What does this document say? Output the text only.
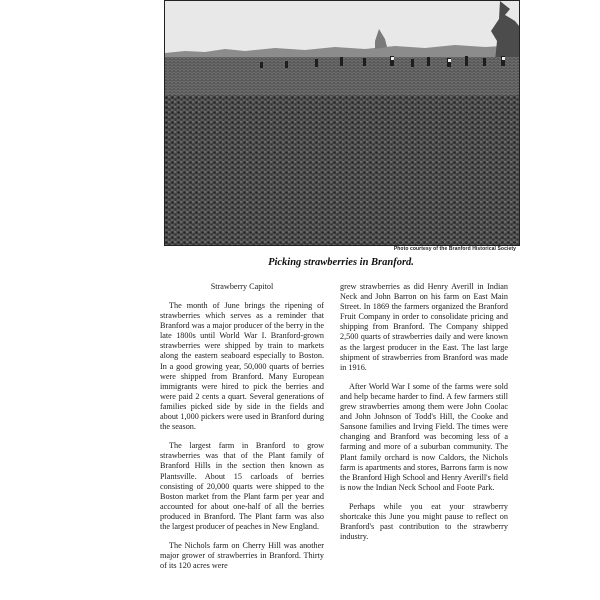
Photo courtesy of the Branford Historical Society
Picking strawberries in Branford.

Strawberry Capitol

The month of June brings the ripening of strawberries which serves as a reminder that Branford was a major producer of the berry in the late 1800s until World War I. Branford-grown strawberries were shipped by train to markets along the eastern seaboard especially to Boston. In a good growing year, 50,000 quarts of berries were shipped from Branford. Many European immigrants were hired to pick the berries and were paid 2 cents a quart. Several generations of families picked side by side in the fields and about 1,000 pickers were used in Branford during the season.

The largest farm in Branford to grow strawberries was that of the Plant family of Branford Hills in the section then known as Plantsville. About 15 carloads of berries consisting of 20,000 quarts were shipped to the Boston market from the Plant farm per year and accounted for about one-half of all the berries produced in Branford. The Plant farm was also the largest producer of peaches in New England.

The Nichols farm on Cherry Hill was another major grower of strawberries in Branford. Thirty of its 120 acres were

grew strawberries as did Henry Averill in Indian Neck and John Barron on his farm on East Main Street. In 1869 the farmers organized the Branford Fruit Company in order to consolidate pricing and shipping from Branford. The Company shipped 2,500 quarts of strawberries daily and were known as the largest producer in the East. The last large shipment of strawberries from Branford was made in 1916.

After World War I some of the farms were sold and help became harder to find. A few farmers still grew strawberries among them were John Coolac and John Johnson of Todd's Hill, the Cooke and Sansone families and Irving Field. The times were changing and Branford was becoming less of a farming and more of a suburban community. The Plant family orchard is now Caldors, the Nichols farm is apartments and stores, Barrons farm is now the Branford High School and Henry Averill's field is now the Indian Neck School and Foote Park.

Perhaps while you eat your strawberry shortcake this June you might pause to reflect on Branford's past contribution to the strawberry industry.
